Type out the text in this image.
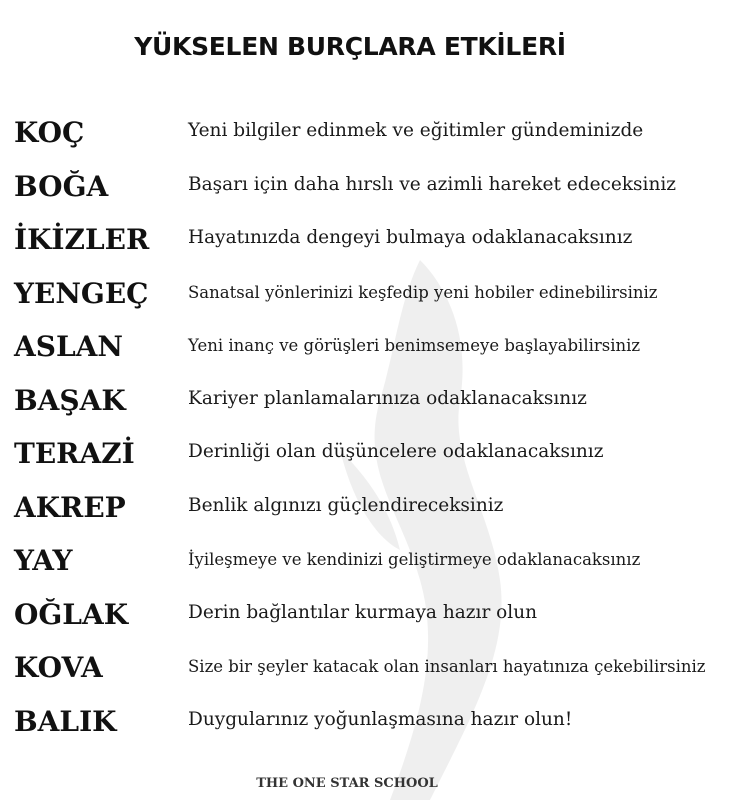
YÜKSELEN BURÇLARA ETKİLERİ
KOÇ	Yeni bilgiler edinmek ve eğitimler gündeminizde
BOĞA	Başarı için daha hırslı ve azimli hareket edeceksiniz
İKİZLER Hayatınızda dengeyi bulmaya odaklanacaksınız
YENGEÇ Sanatsal yönlerinizi keşfedip yeni hobiler edinebilirsiniz
ASLAN	Yeni inanç ve görüşleri benimsemeye başlayabilirsiniz
BAŞAK	Kariyer planlamalarınıza odaklanacaksınız
TERAZİ	Derinliği olan düşüncelere odaklanacaksınız
AKREP	Benlik algınızı güçlendireceksiniz
YAY	İyileşmeye ve kendinizi geliştirmeye odaklanacaksınız
OĞLAK	Derin bağlantılar kurmaya hazır olun
KOVA	Size bir şeyler katacak olan insanları hayatınıza çekebilirsiniz
BALIK	Duygularınız yoğunlaşmasına hazır olun!
THE ONE STAR SCHOOL
